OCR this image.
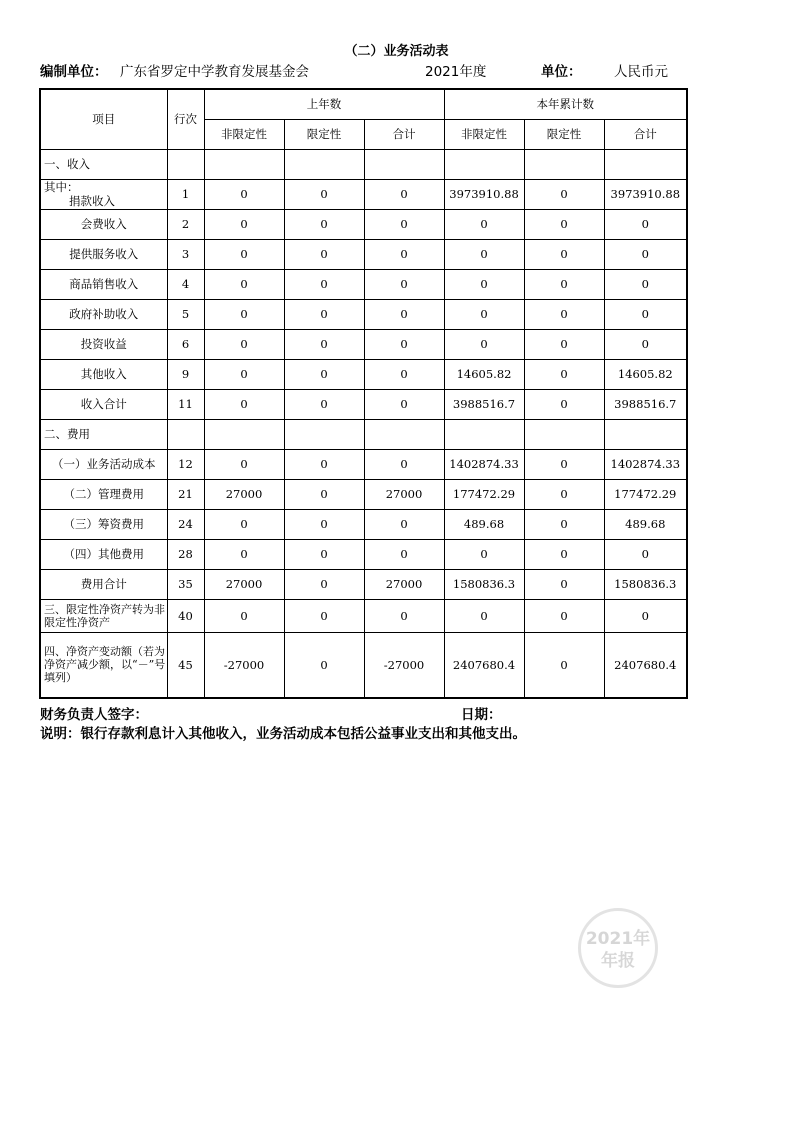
（二）业务活动表
编制单位： 广东省罗定中学教育发展基金会	2021年度	单位： 人民币元
项目	行次	上年数			本年累计数		
		非限定性	限定性	合计	非限定性	限定性	合计
一、收入							

其中：
捐款收入	1	0	0	0	3973910.88	0	3973910.88
会费收入	2	0	0	0	0	0	0
提供服务收入	3	0	0	0	0	0	0
商品销售收入	4	0	0	0	0	0	0
政府补助收入	5	0	0	0	0	0	0
投资收益	6	0	0	0	0	0	0
其他收入	9	0	0	0	14605.82	0	14605.82
收入合计	11	0	0	0	3988516.7	0	3988516.7
二、费用							
（一）业务活动成本	12	0	0	0	1402874.33	0	1402874.33
（二）管理费用	21	27000	0	27000	177472.29	0	177472.29
（三）筹资费用	24	0	0	0	489.68	0	489.68
（四）其他费用	28	0	0	0	0	0	0
费用合计	35	27000	0	27000	1580836.3	0	1580836.3
三、限定性净资产转为非限定性净资产	40	0	0	0	0	0	0
四、净资产变动额（若为净资产减少额，以“－”号填列）	45	-27000	0	-27000	2407680.4	0	2407680.4
财务负责人签字：	日期：
说明：银行存款利息计入其他收入，业务活动成本包括公益事业支出和其他支出。
2021年
年报
